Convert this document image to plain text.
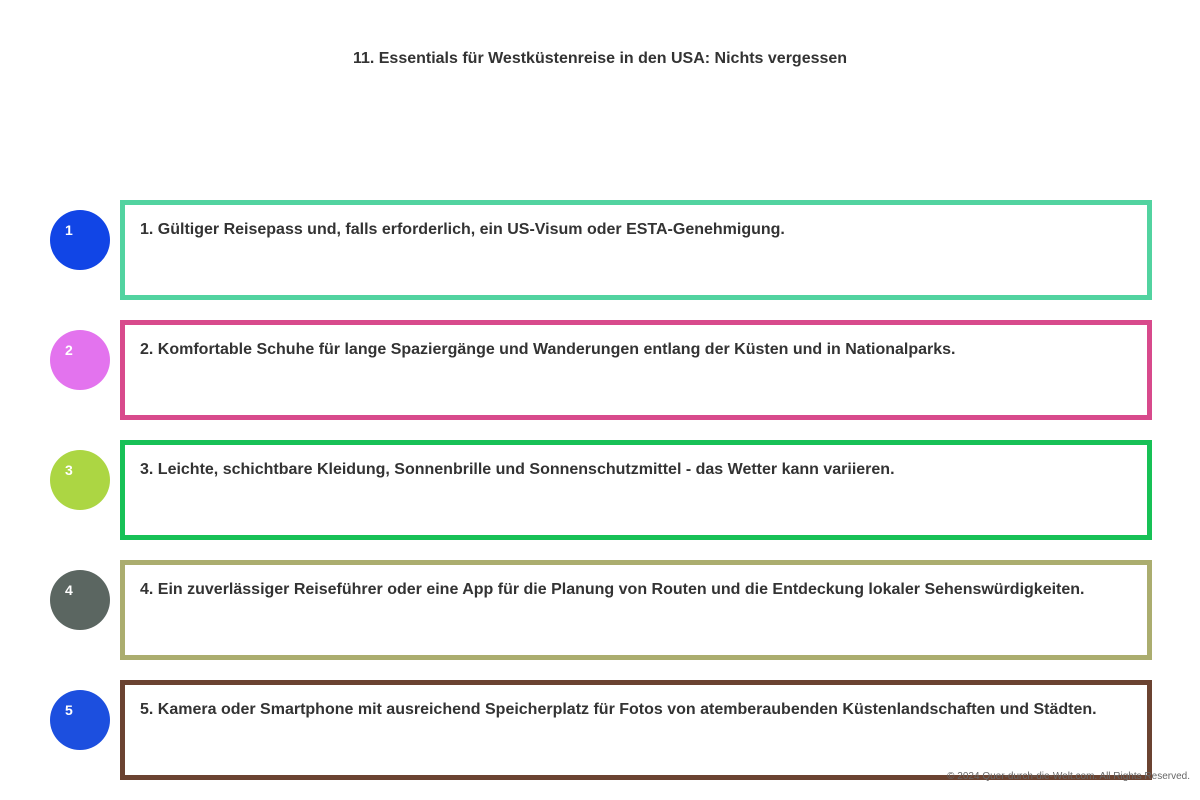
11. Essentials für Westküstenreise in den USA: Nichts vergessen
1	1. Gültiger Reisepass und, falls erforderlich, ein US-Visum oder ESTA-Genehmigung.
2	2. Komfortable Schuhe für lange Spaziergänge und Wanderungen entlang der Küsten und in Nationalparks.
3	3. Leichte, schichtbare Kleidung, Sonnenbrille und Sonnenschutzmittel - das Wetter kann variieren.
4	4. Ein zuverlässiger Reiseführer oder eine App für die Planung von Routen und die Entdeckung lokaler Sehenswürdigkeiten.
5	5. Kamera oder Smartphone mit ausreichend Speicherplatz für Fotos von atemberaubenden Küstenlandschaften und Städten.
© 2024 Quer-durch-die-Welt.com. All Rights Reserved.
